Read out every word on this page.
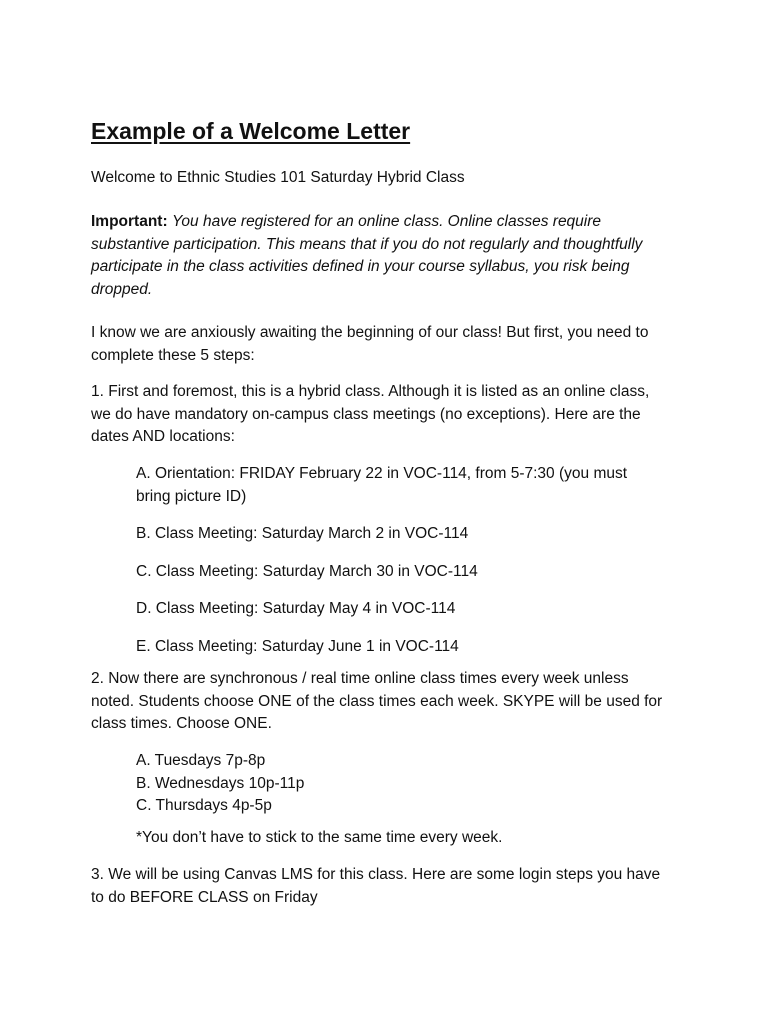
Example of a Welcome Letter

Welcome to Ethnic Studies 101 Saturday Hybrid Class

Important: You have registered for an online class. Online classes require
substantive participation. This means that if you do not regularly and thoughtfully
participate in the class activities defined in your course syllabus, you risk being
dropped.

I know we are anxiously awaiting the beginning of our class! But first, you need to
complete these 5 steps:

1. First and foremost, this is a hybrid class. Although it is listed as an online class,
we do have mandatory on-campus class meetings (no exceptions). Here are the
dates AND locations:

A. Orientation: FRIDAY February 22 in VOC-114, from 5-7:30 (you must
bring picture ID)

B. Class Meeting: Saturday March 2 in VOC-114

C. Class Meeting: Saturday March 30 in VOC-114

D. Class Meeting: Saturday May 4 in VOC-114

E. Class Meeting: Saturday June 1 in VOC-114

2. Now there are synchronous / real time online class times every week unless
noted. Students choose ONE of the class times each week. SKYPE will be used for
class times. Choose ONE.

A. Tuesdays 7p-8p
B. Wednesdays 10p-11p
C. Thursdays 4p-5p

*You don’t have to stick to the same time every week.

3. We will be using Canvas LMS for this class. Here are some login steps you have
to do BEFORE CLASS on Friday
